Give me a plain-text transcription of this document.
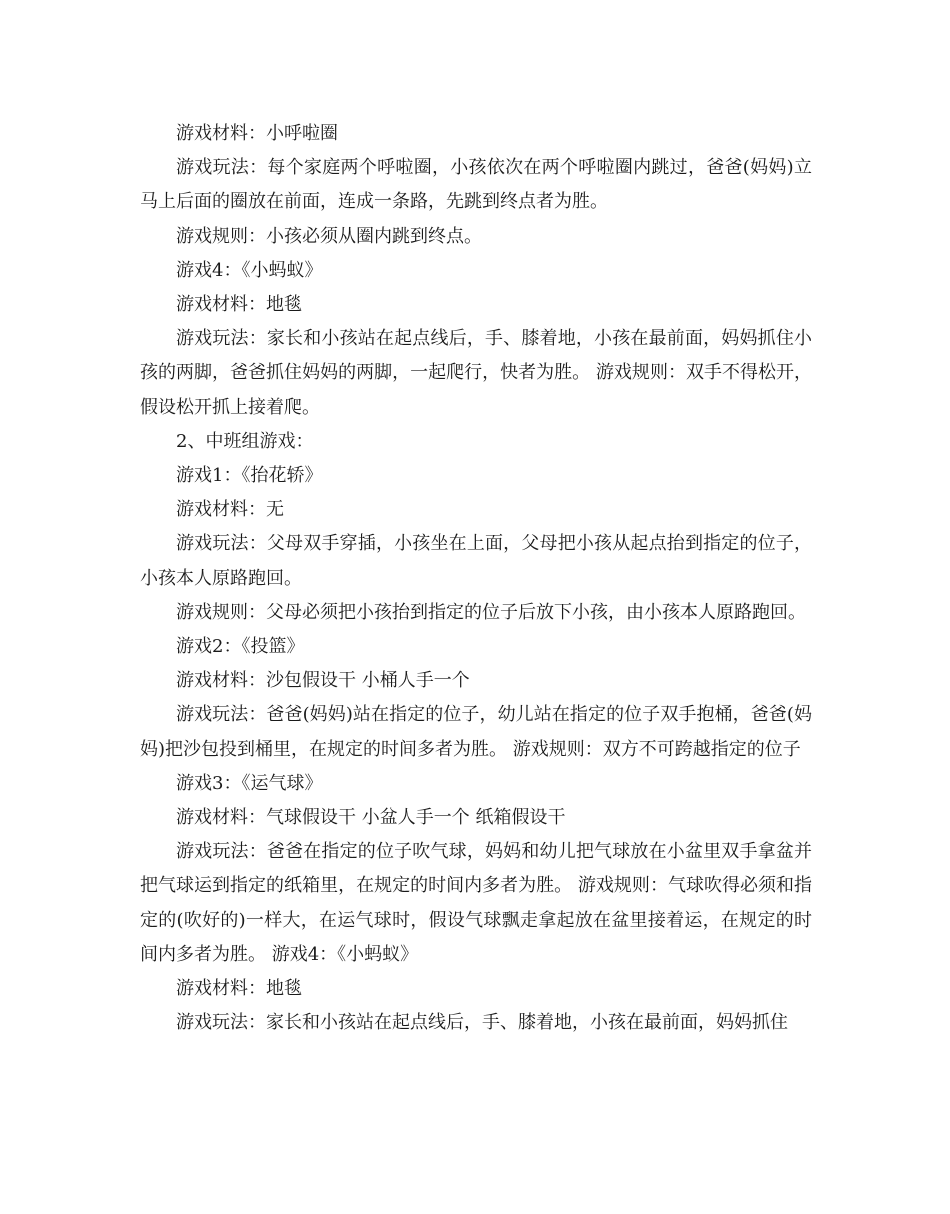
游戏材料：小呼啦圈

游戏玩法：每个家庭两个呼啦圈，小孩依次在两个呼啦圈内跳过，爸爸(妈妈)立马上后面的圈放在前面，连成一条路，先跳到终点者为胜。

游戏规则：小孩必须从圈内跳到终点。

游戏4：《小蚂蚁》

游戏材料：地毯

游戏玩法：家长和小孩站在起点线后，手、膝着地，小孩在最前面，妈妈抓住小孩的两脚，爸爸抓住妈妈的两脚，一起爬行，快者为胜。 游戏规则：双手不得松开，假设松开抓上接着爬。

2、中班组游戏：

游戏1：《抬花轿》

游戏材料：无

游戏玩法：父母双手穿插，小孩坐在上面，父母把小孩从起点抬到指定的位子，小孩本人原路跑回。

游戏规则：父母必须把小孩抬到指定的位子后放下小孩，由小孩本人原路跑回。

游戏2：《投篮》

游戏材料：沙包假设干 小桶人手一个

游戏玩法：爸爸(妈妈)站在指定的位子，幼儿站在指定的位子双手抱桶，爸爸(妈妈)把沙包投到桶里，在规定的时间多者为胜。 游戏规则：双方不可跨越指定的位子

游戏3：《运气球》

游戏材料：气球假设干 小盆人手一个 纸箱假设干

游戏玩法：爸爸在指定的位子吹气球，妈妈和幼儿把气球放在小盆里双手拿盆并把气球运到指定的纸箱里，在规定的时间内多者为胜。 游戏规则：气球吹得必须和指定的(吹好的)一样大，在运气球时，假设气球飘走拿起放在盆里接着运，在规定的时间内多者为胜。 游戏4：《小蚂蚁》

游戏材料：地毯

游戏玩法：家长和小孩站在起点线后，手、膝着地，小孩在最前面，妈妈抓住
